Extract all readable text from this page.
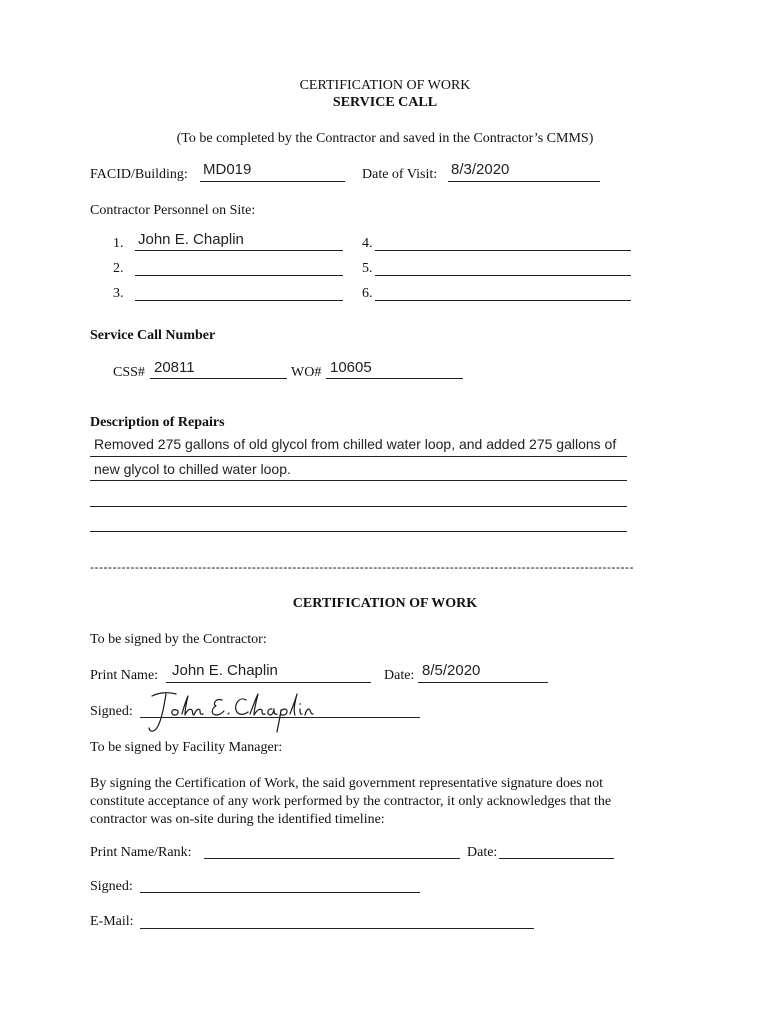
CERTIFICATION OF WORK
SERVICE CALL
(To be completed by the Contractor and saved in the Contractor’s CMMS)
FACID/Building: MD019	Date of Visit: 8/3/2020
Contractor Personnel on Site:
1. John E. Chaplin
2.
3.
4.
5.
6.
Service Call Number
CSS# 20811	WO# 10605
Description of Repairs
Removed 275 gallons of old glycol from chilled water loop, and added 275 gallons of
new glycol to chilled water loop.
-------------------------------------------------------------------------------------------------------------------------
CERTIFICATION OF WORK
To be signed by the Contractor:
Print Name: John E. Chaplin	Date: 8/5/2020
Signed:
John E. Chaplin
To be signed by Facility Manager:
By signing the Certification of Work, the said government representative signature does not constitute acceptance of any work performed by the contractor, it only acknowledges that the contractor was on-site during the identified timeline:
Print Name/Rank:	Date:
Signed:
E-Mail:
